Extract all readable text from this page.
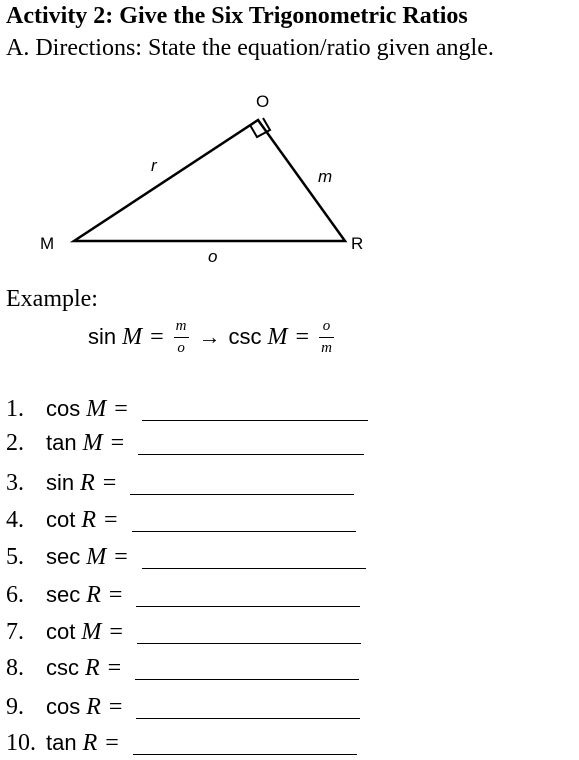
Activity 2: Give the Six Trigonometric Ratios

A. Directions: State the equation/ratio given angle.

O
M	R
r
m
o
Example:
$\sin M = \frac{m}{o} \to \csc M = \frac{o}{m}$
1.	cos M =
2.	tan M =
3.	sin R =
4.	cot R =
5.	sec M =
6.	sec R =
7.	cot M =
8.	csc R =
9.	cos R =
10. tan R =
